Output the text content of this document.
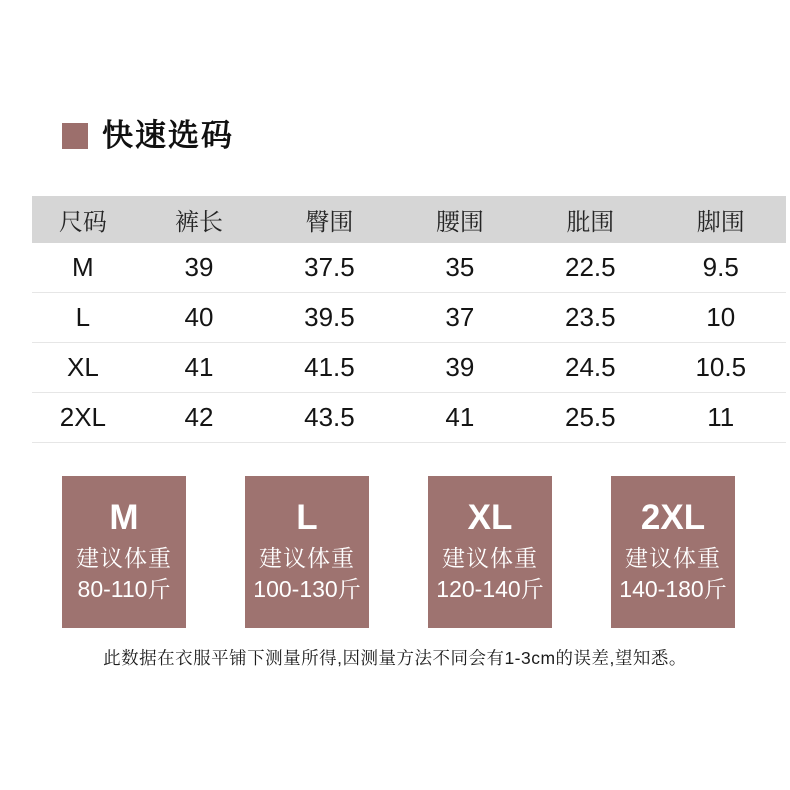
快速选码
尺码	裤长	臀围	腰围	肶围	脚围
M	39	37.5	35	22.5	9.5
L	40	39.5	37	23.5	10
XL	41	41.5	39	24.5	10.5
2XL	42	43.5	41	25.5	11
M
建议体重
80-110斤
L
建议体重
100-130斤
XL
建议体重
120-140斤
2XL
建议体重
140-180斤
此数据在衣服平铺下测量所得,因测量方法不同会有1-3cm的误差,望知悉。
